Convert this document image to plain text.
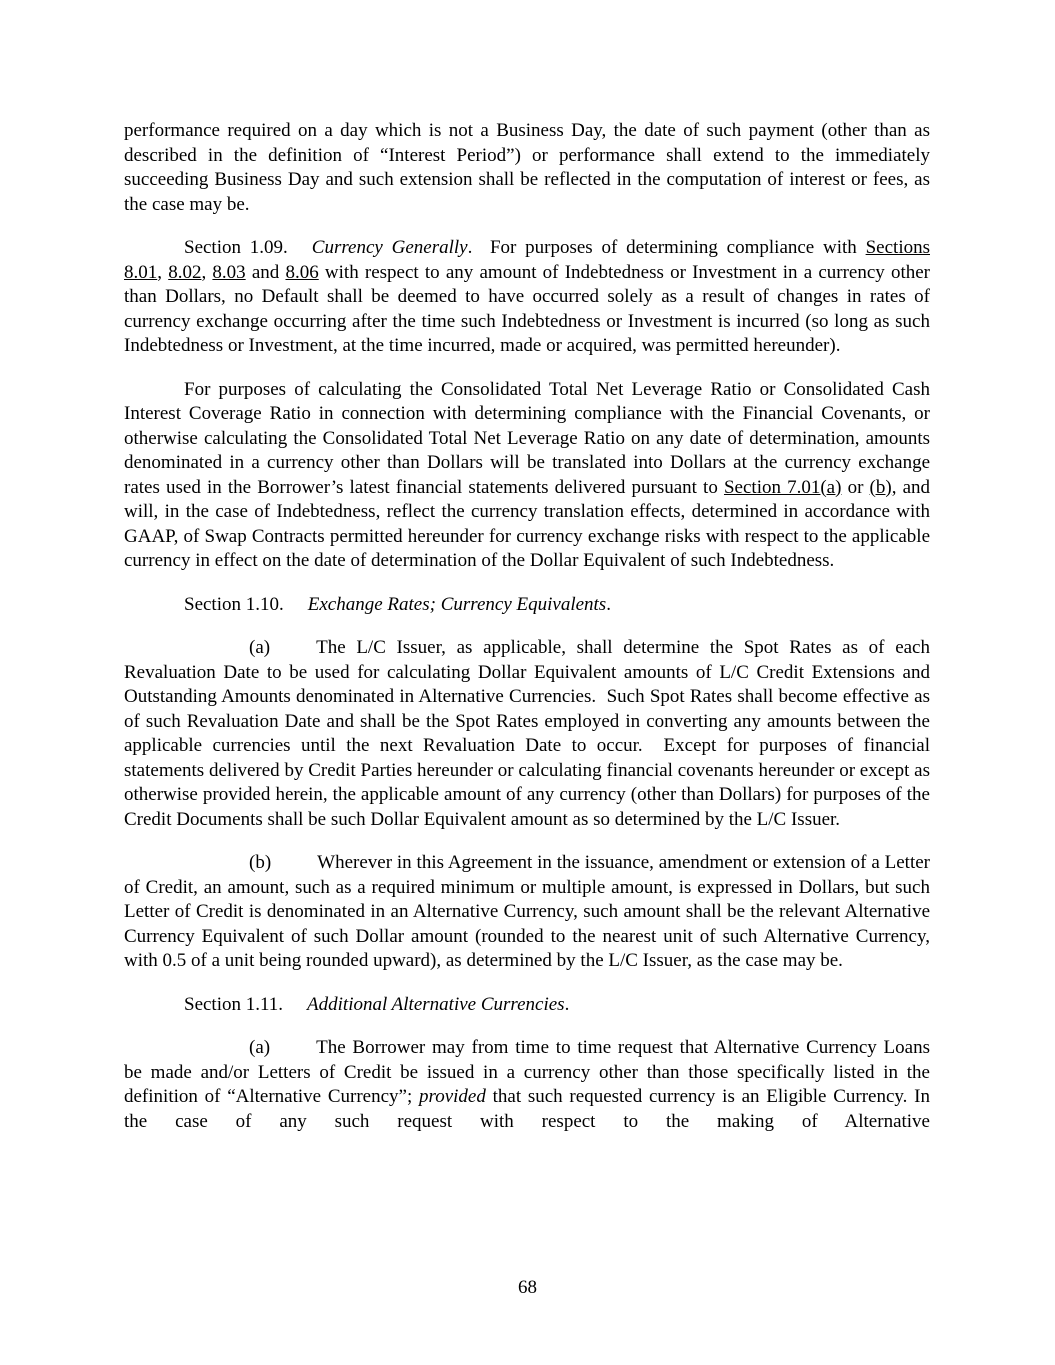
performance required on a day which is not a Business Day, the date of such payment (other than as described in the definition of “Interest Period”) or performance shall extend to the immediately succeeding Business Day and such extension shall be reflected in the computation of interest or fees, as the case may be.

Section 1.09. Currency Generally.  For purposes of determining compliance with Sections 8.01, 8.02, 8.03 and 8.06 with respect to any amount of Indebtedness or Investment in a currency other than Dollars, no Default shall be deemed to have occurred solely as a result of changes in rates of currency exchange occurring after the time such Indebtedness or Investment is incurred (so long as such Indebtedness or Investment, at the time incurred, made or acquired, was permitted hereunder).

For purposes of calculating the Consolidated Total Net Leverage Ratio or Consolidated Cash Interest Coverage Ratio in connection with determining compliance with the Financial Covenants, or otherwise calculating the Consolidated Total Net Leverage Ratio on any date of determination, amounts denominated in a currency other than Dollars will be translated into Dollars at the currency exchange rates used in the Borrower’s latest financial statements delivered pursuant to Section 7.01(a) or (b), and will, in the case of Indebtedness, reflect the currency translation effects, determined in accordance with GAAP, of Swap Contracts permitted hereunder for currency exchange risks with respect to the applicable currency in effect on the date of determination of the Dollar Equivalent of such Indebtedness.

Section 1.10. Exchange Rates; Currency Equivalents.

(a) The L/C Issuer, as applicable, shall determine the Spot Rates as of each Revaluation Date to be used for calculating Dollar Equivalent amounts of L/C Credit Extensions and Outstanding Amounts denominated in Alternative Currencies.  Such Spot Rates shall become effective as of such Revaluation Date and shall be the Spot Rates employed in converting any amounts between the applicable currencies until the next Revaluation Date to occur.  Except for purposes of financial statements delivered by Credit Parties hereunder or calculating financial covenants hereunder or except as otherwise provided herein, the applicable amount of any currency (other than Dollars) for purposes of the Credit Documents shall be such Dollar Equivalent amount as so determined by the L/C Issuer.

(b) Wherever in this Agreement in the issuance, amendment or extension of a Letter of Credit, an amount, such as a required minimum or multiple amount, is expressed in Dollars, but such Letter of Credit is denominated in an Alternative Currency, such amount shall be the relevant Alternative Currency Equivalent of such Dollar amount (rounded to the nearest unit of such Alternative Currency, with 0.5 of a unit being rounded upward), as determined by the L/C Issuer, as the case may be.

Section 1.11. Additional Alternative Currencies.

(a) The Borrower may from time to time request that Alternative Currency Loans be made and/or Letters of Credit be issued in a currency other than those specifically listed in the definition of “Alternative Currency”; provided that such requested currency is an Eligible Currency. In the case of any such request with respect to the making of Alternative

68
